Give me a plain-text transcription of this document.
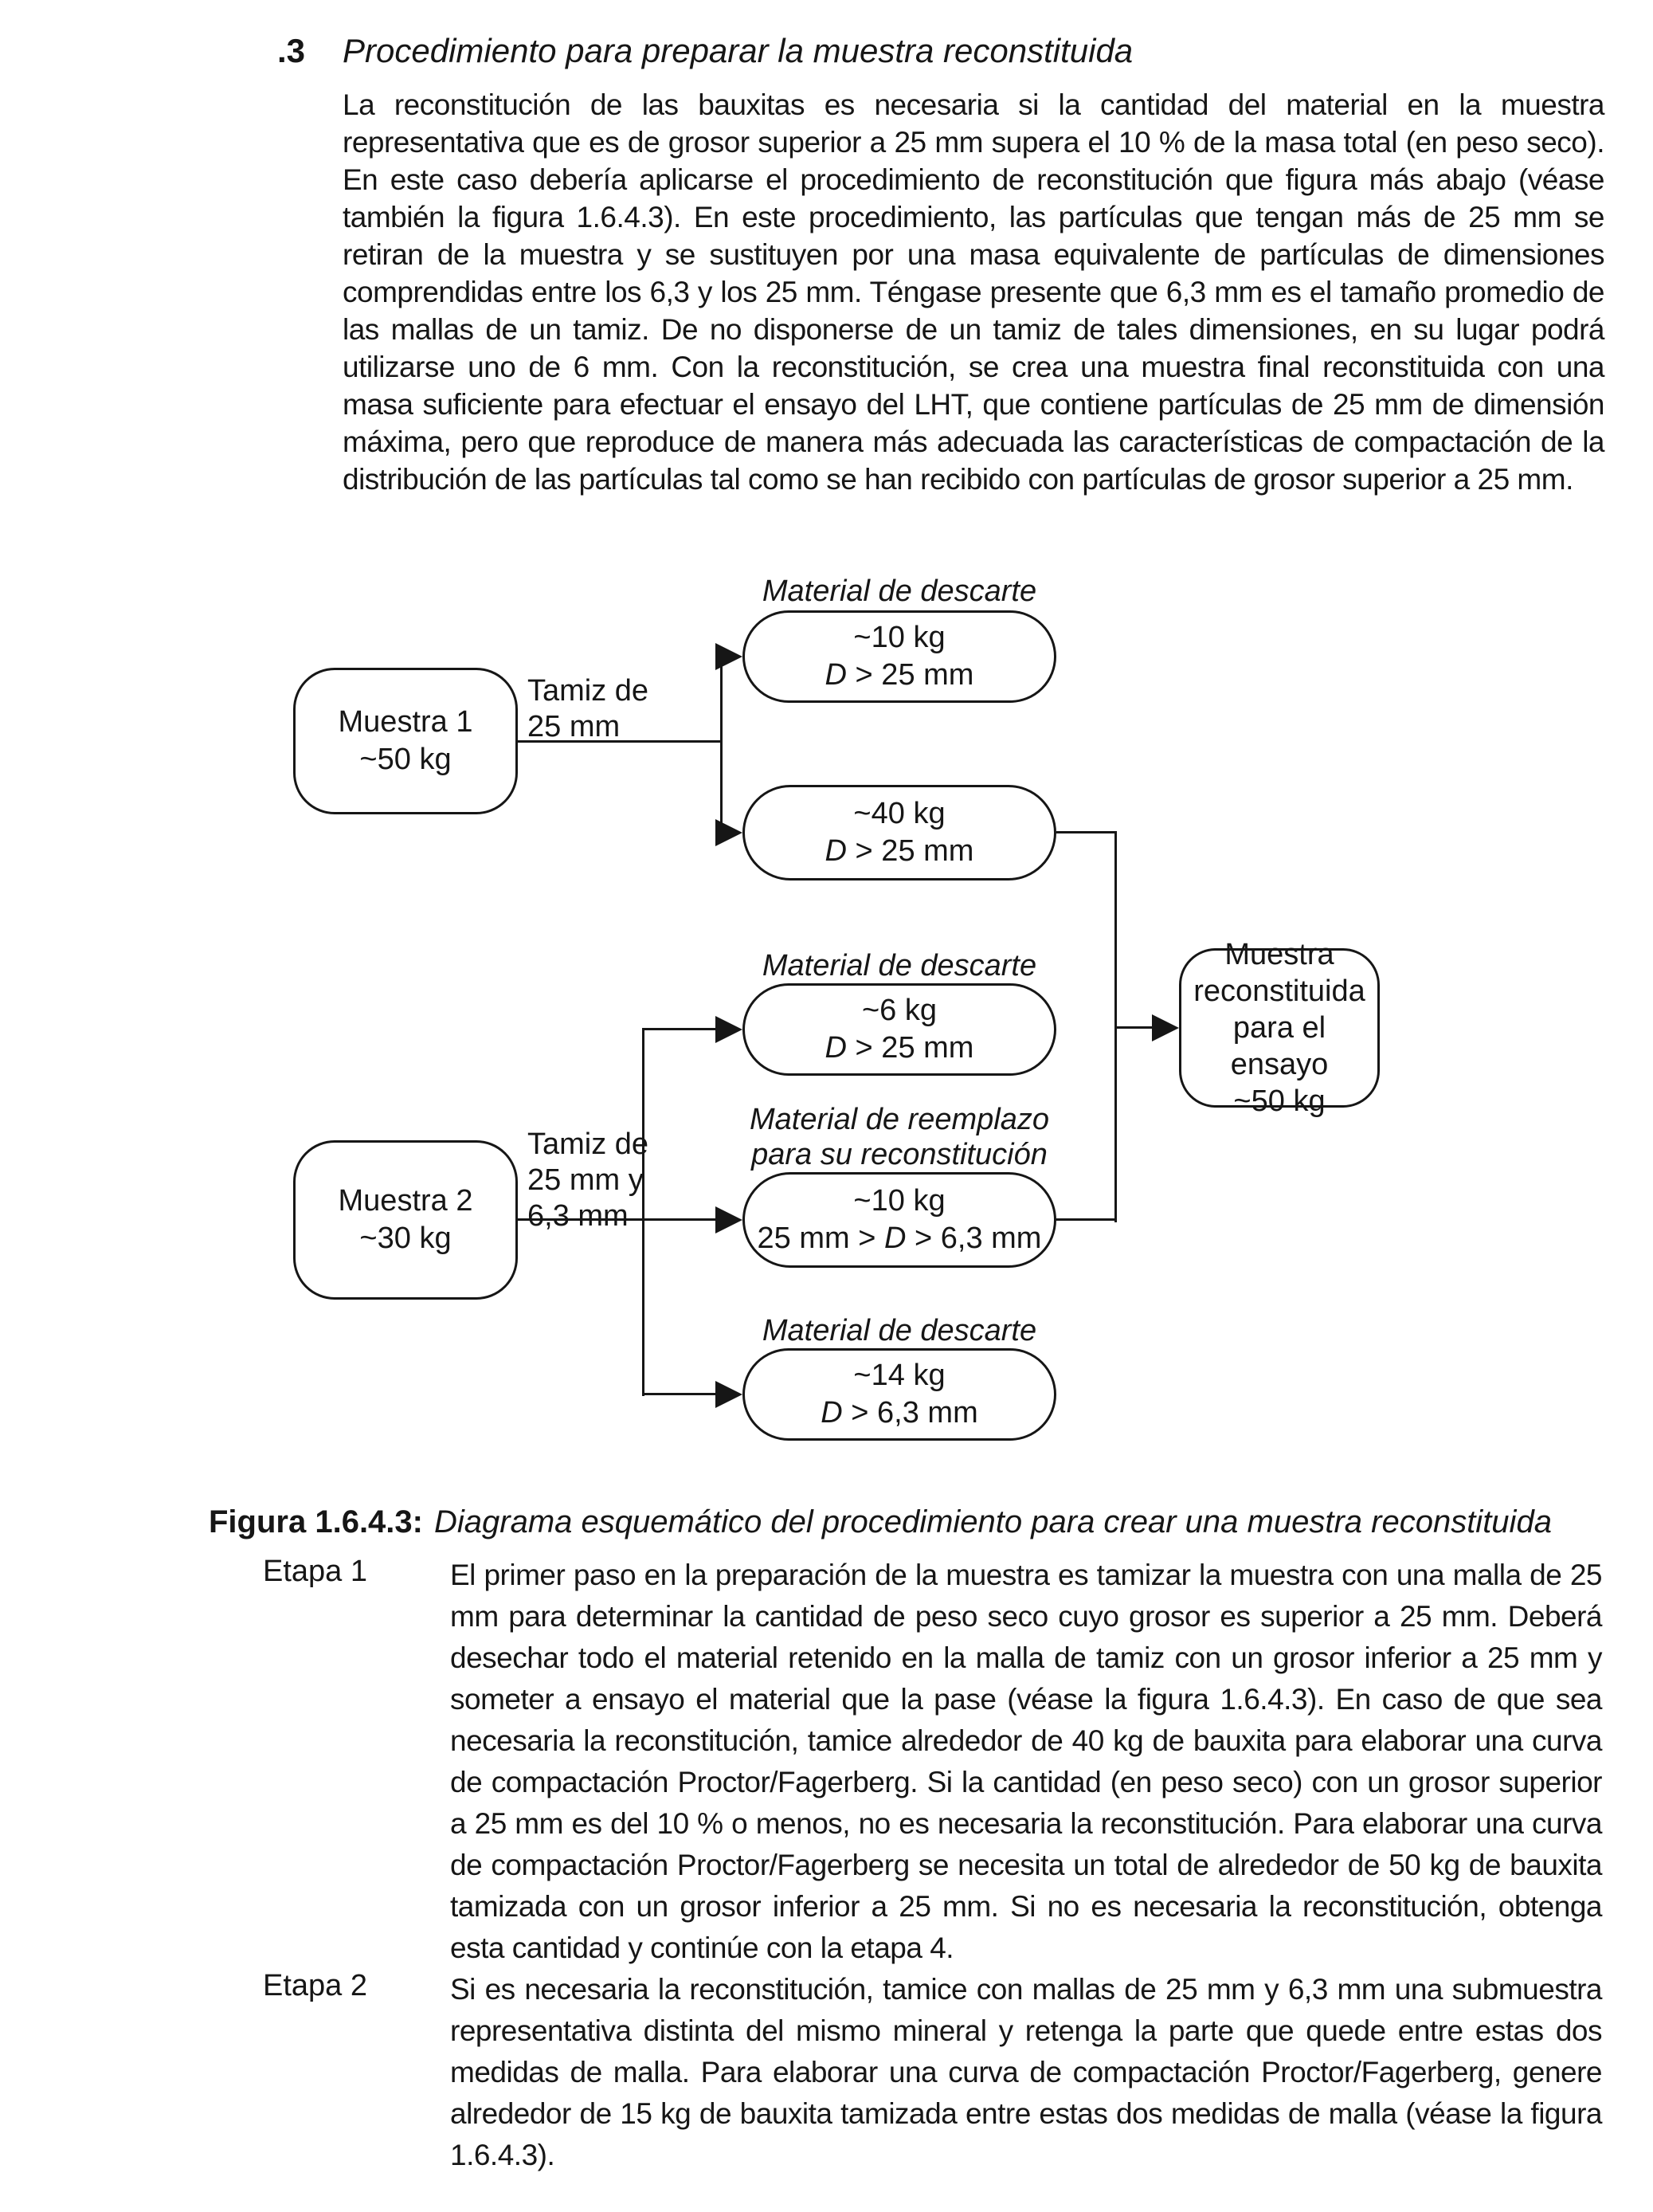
.3 Procedimiento para preparar la muestra reconstituida
La reconstitución de las bauxitas es necesaria si la cantidad del material en la muestra representativa que es de grosor superior a 25 mm supera el 10 % de la masa total (en peso seco). En este caso debería aplicarse el procedimiento de reconstitución que figura más abajo (véase también la figura 1.6.4.3). En este procedimiento, las partículas que tengan más de 25 mm se retiran de la muestra y se sustituyen por una masa equivalente de partículas de dimensiones comprendidas entre los 6,3 y los 25 mm. Téngase presente que 6,3 mm es el tamaño promedio de las mallas de un tamiz. De no disponerse de un tamiz de tales dimensiones, en su lugar podrá utilizarse uno de 6 mm. Con la reconstitución, se crea una muestra final reconstituida con una masa suficiente para efectuar el ensayo del LHT, que contiene partículas de 25 mm de dimensión máxima, pero que reproduce de manera más adecuada las características de compactación de la distribución de las partículas tal como se han recibido con partículas de grosor superior a 25 mm.
Muestra 1
~50 kg
Tamiz de
25 mm
Material de descarte
~10 kg
D > 25 mm
~40 kg
D > 25 mm
Material de descarte
~6 kg
D > 25 mm
Material de reemplazo
para su reconstitución
~10 kg
25 mm > D > 6,3 mm
Material de descarte
~14 kg
D > 6,3 mm
Muestra 2
~30 kg
Tamiz de
25 mm y
6,3 mm
Muestra
reconstituida
para el ensayo
~50 kg
Figura 1.6.4.3: Diagrama esquemático del procedimiento para crear una muestra reconstituida
Etapa 1	El primer paso en la preparación de la muestra es tamizar la muestra con una malla de 25 mm para determinar la cantidad de peso seco cuyo grosor es superior a 25 mm. Deberá desechar todo el material retenido en la malla de tamiz con un grosor inferior a 25 mm y someter a ensayo el material que la pase (véase la figura 1.6.4.3). En caso de que sea necesaria la reconstitución, tamice alrededor de 40 kg de bauxita para elaborar una curva de compactación Proctor/Fagerberg. Si la cantidad (en peso seco) con un grosor superior a 25 mm es del 10 % o menos, no es necesaria la reconstitución. Para elaborar una curva de compactación Proctor/Fagerberg se necesita un total de alrededor de 50 kg de bauxita tamizada con un grosor inferior a 25 mm. Si no es necesaria la reconstitución, obtenga esta cantidad y continúe con la etapa 4.
Etapa 2	Si es necesaria la reconstitución, tamice con mallas de 25 mm y 6,3 mm una submuestra representativa distinta del mismo mineral y retenga la parte que quede entre estas dos medidas de malla. Para elaborar una curva de compactación Proctor/Fagerberg, genere alrededor de 15 kg de bauxita tamizada entre estas dos medidas de malla (véase la figura 1.6.4.3).
